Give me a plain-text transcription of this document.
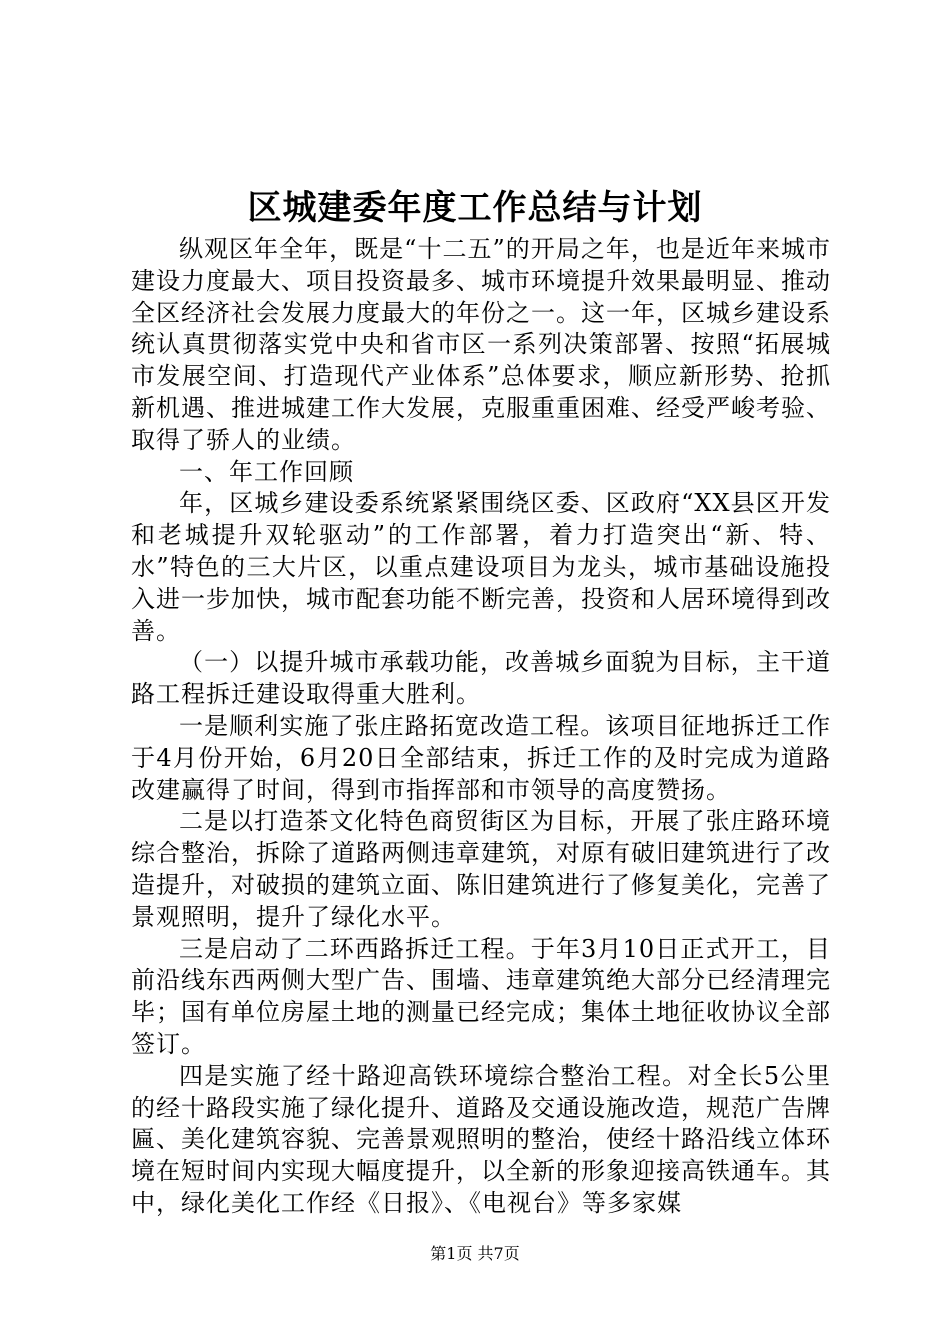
区城建委年度工作总结与计划

纵观区年全年，既是“十二五”的开局之年，也是近年来城市建设力度最大、项目投资最多、城市环境提升效果最明显、推动全区经济社会发展力度最大的年份之一。这一年，区城乡建设系统认真贯彻落实党中央和省市区一系列决策部署、按照“拓展城市发展空间、打造现代产业体系”总体要求，顺应新形势、抢抓新机遇、推进城建工作大发展，克服重重困难、经受严峻考验、取得了骄人的业绩。

一、年工作回顾

年，区城乡建设委系统紧紧围绕区委、区政府“XX县区开发和老城提升双轮驱动”的工作部署，着力打造突出“新、特、水”特色的三大片区，以重点建设项目为龙头，城市基础设施投入进一步加快，城市配套功能不断完善，投资和人居环境得到改善。

（一）以提升城市承载功能，改善城乡面貌为目标，主干道路工程拆迁建设取得重大胜利。

一是顺利实施了张庄路拓宽改造工程。该项目征地拆迁工作于4月份开始，6月20日全部结束，拆迁工作的及时完成为道路改建赢得了时间，得到市指挥部和市领导的高度赞扬。

二是以打造茶文化特色商贸街区为目标，开展了张庄路环境综合整治，拆除了道路两侧违章建筑，对原有破旧建筑进行了改造提升，对破损的建筑立面、陈旧建筑进行了修复美化，完善了景观照明，提升了绿化水平。

三是启动了二环西路拆迁工程。于年3月10日正式开工，目前沿线东西两侧大型广告、围墙、违章建筑绝大部分已经清理完毕；国有单位房屋土地的测量已经完成；集体土地征收协议全部签订。

四是实施了经十路迎高铁环境综合整治工程。对全长5公里的经十路段实施了绿化提升、道路及交通设施改造，规范广告牌匾、美化建筑容貌、完善景观照明的整治，使经十路沿线立体环境在短时间内实现大幅度提升，以全新的形象迎接高铁通车。其中，绿化美化工作经《日报》、《电视台》等多家媒

第1页 共7页
